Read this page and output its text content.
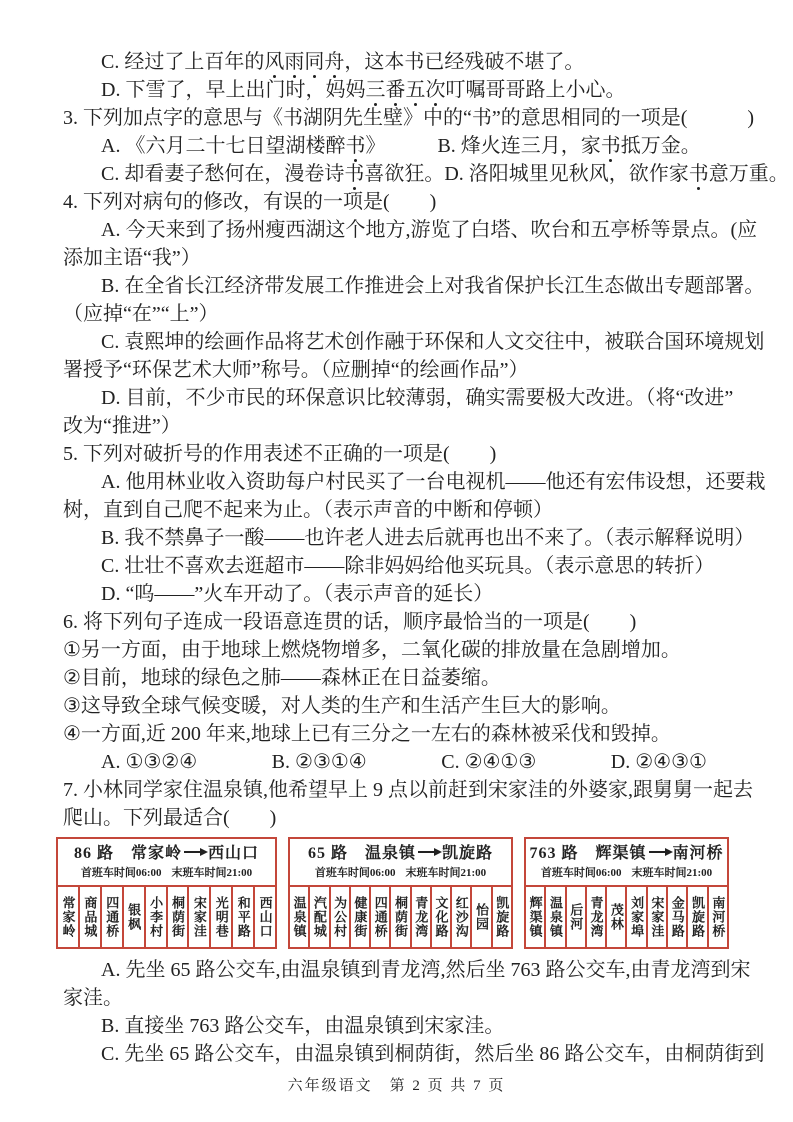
C. 经过了上百年的风雨同舟，这本书已经残破不堪了。
D. 下雪了，早上出门时，妈妈三番五次叮嘱哥哥路上小心。
3. 下列加点字的意思与《书湖阴先生壁》中的“书”的意思相同的一项是(　　　)
A. 《六月二十七日望湖楼醉书》	B. 烽火连三月，家书抵万金。
C. 却看妻子愁何在，漫卷诗书喜欲狂。D. 洛阳城里见秋风，欲作家书意万重。
4. 下列对病句的修改，有误的一项是(　　)
A. 今天来到了扬州瘦西湖这个地方,游览了白塔、吹台和五亭桥等景点。(应
添加主语“我”）
B. 在全省长江经济带发展工作推进会上对我省保护长江生态做出专题部署。
（应掉“在”“上”）
C. 袁熙坤的绘画作品将艺术创作融于环保和人文交往中，被联合国环境规划
署授予“环保艺术大师”称号。（应删掉“的绘画作品”）
D. 目前，不少市民的环保意识比较薄弱，确实需要极大改进。（将“改进”
改为“推进”）
5. 下列对破折号的作用表述不正确的一项是(　　)
A. 他用林业收入资助每户村民买了一台电视机——他还有宏伟设想，还要栽
树，直到自己爬不起来为止。（表示声音的中断和停顿）
B. 我不禁鼻子一酸——也许老人进去后就再也出不来了。（表示解释说明）
C. 壮壮不喜欢去逛超市——除非妈妈给他买玩具。（表示意思的转折）
D. “呜——”火车开动了。（表示声音的延长）
6. 将下列句子连成一段语意连贯的话，顺序最恰当的一项是(　　)
①另一方面，由于地球上燃烧物增多，二氧化碳的排放量在急剧增加。
②目前，地球的绿色之肺——森林正在日益萎缩。
③这导致全球气候变暖，对人类的生产和生活产生巨大的影响。
④一方面,近 200 年来,地球上已有三分之一左右的森林被采伐和毁掉。
A. ①③②④	B. ②③①④	C. ②④①③	D. ②④③①
7. 小林同学家住温泉镇,他希望早上 9 点以前赶到宋家洼的外婆家,跟舅舅一起去
爬山。下列最适合(　　)
86 路　常家岭 西山口
首班车时间06:00 末班车时间21:00
常家岭 商品城 四通桥 银枫 小李村 桐荫街 宋家洼 光明巷 和平路 西山口
65 路　温泉镇 凯旋路
首班车时间06:00 末班车时间21:00
温泉镇 汽配城 为公村 健康街 四通桥 桐荫街 青龙湾 文化路 红沙沟 怡园 凯旋路
763 路　辉渠镇 南河桥
首班车时间06:00 末班车时间21:00
辉渠镇 温泉镇 后河 青龙湾 茂林 刘家埠 宋家洼 金马路 凯旋路 南河桥
A. 先坐 65 路公交车,由温泉镇到青龙湾,然后坐 763 路公交车,由青龙湾到宋
家洼。
B. 直接坐 763 路公交车，由温泉镇到宋家洼。
C. 先坐 65 路公交车，由温泉镇到桐荫街，然后坐 86 路公交车，由桐荫街到
六年级语文　第 2 页 共 7 页
